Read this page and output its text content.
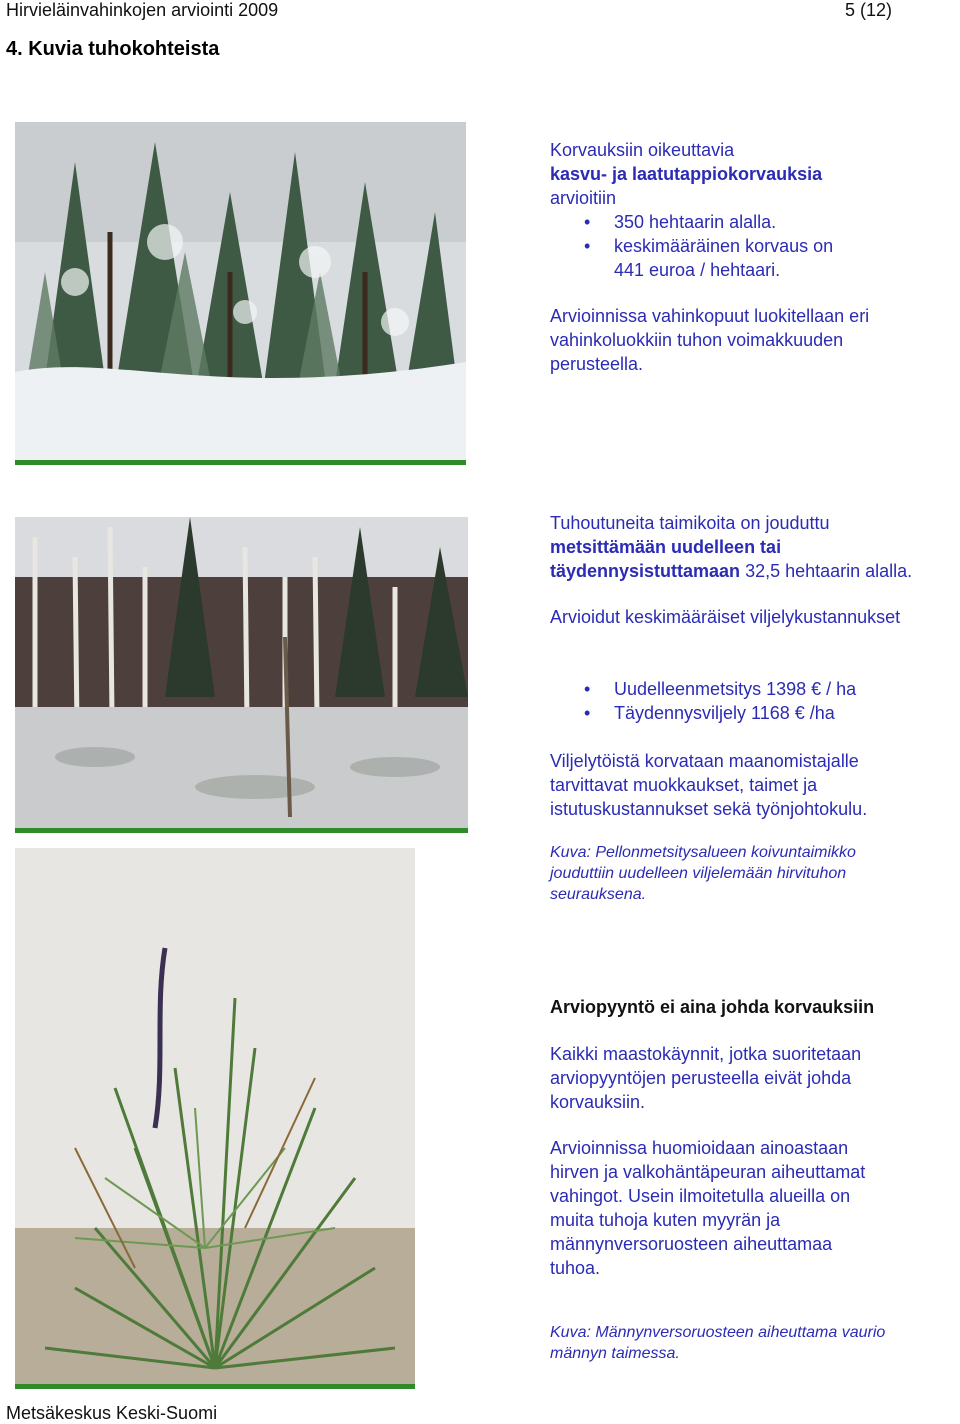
Hirvieläinvahinkojen arviointi 2009	5 (12)
4. Kuvia tuhokohteista
Korvauksiin oikeuttavia
kasvu- ja laatutappiokorvauksia
arvioitiin
• 350 hehtaarin alalla.
• keskimääräinen korvaus on
441 euroa / hehtaari.
Arvioinnissa vahinkopuut luokitellaan eri
vahinkoluokkiin tuhon voimakkuuden
perusteella.
Tuhoutuneita taimikoita on jouduttu
metsittämään uudelleen tai
täydennysistuttamaan 32,5 hehtaarin alalla.
Arvioidut keskimääräiset viljelykustannukset
• Uudelleenmetsitys 1398 € / ha
• Täydennysviljely 1168 € /ha
Viljelytöistä korvataan maanomistajalle
tarvittavat muokkaukset, taimet ja
istutuskustannukset sekä työnjohtokulu.
Kuva: Pellonmetsitysalueen koivuntaimikko
jouduttiin uudelleen viljelemään hirvituhon
seurauksena.
Arviopyyntö ei aina johda korvauksiin
Kaikki maastokäynnit, jotka suoritetaan
arviopyyntöjen perusteella eivät johda
korvauksiin.
Arvioinnissa huomioidaan ainoastaan
hirven ja valkohäntäpeuran aiheuttamat
vahingot. Usein ilmoitetulla alueilla on
muita tuhoja kuten myyrän ja
männynversoruosteen aiheuttamaa
tuhoa.
Kuva: Männynversoruosteen aiheuttama vaurio
männyn taimessa.
Metsäkeskus Keski-Suomi
